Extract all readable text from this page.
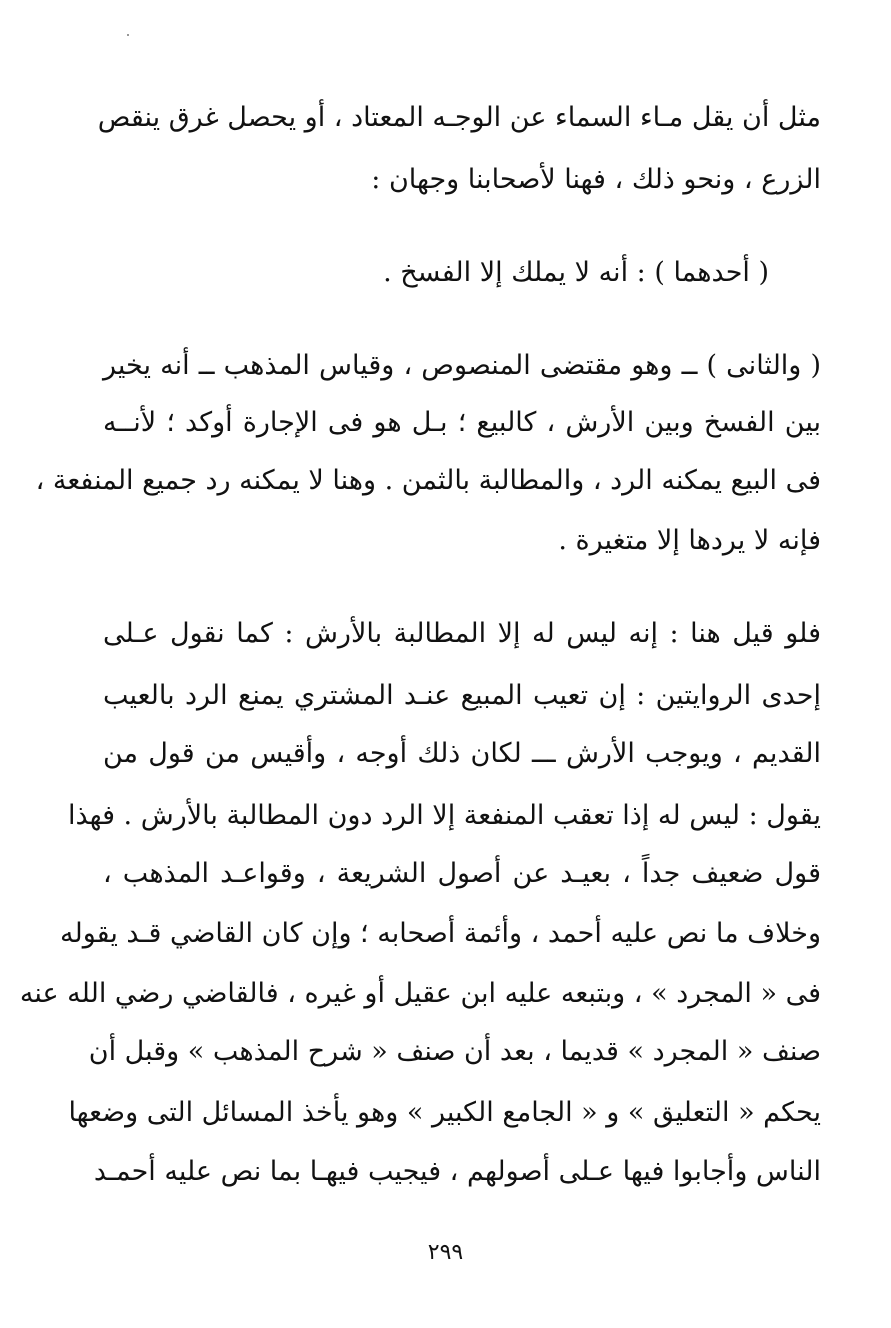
مثل أن يقل مـاء السماء عن الوجـه المعتاد ، أو يحصل غرق ينقص
الزرع ، ونحو ذلك ، فهنا لأصحابنا وجهان :
( أحدهما ) : أنه لا يملك إلا الفسخ .
( والثانى ) ــ وهو مقتضى المنصوص ، وقياس المذهب ــ أنه يخير
بين الفسخ وبين الأرش ، كالبيع ؛ بـل هو فى الإجارة أوكد ؛ لأنــه
فى البيع يمكنه الرد ، والمطالبة بالثمن . وهنا لا يمكنه رد جميع المنفعة ،
فإنه لا يردها إلا متغيرة .
فلو قيل هنا : إنه ليس له إلا المطالبة بالأرش : كما نقول عـلى
إحدى الروايتين : إن تعيب المبيع عنـد المشتري يمنع الرد بالعيب
القديم ، ويوجب الأرش ـــ لكان ذلك أوجه ، وأقيس من قول من
يقول : ليس له إذا تعقب المنفعة إلا الرد دون المطالبة بالأرش . فهذا
قول ضعيف جداً ، بعيـد عن أصول الشريعة ، وقواعـد المذهب ،
وخلاف ما نص عليه أحمد ، وأئمة أصحابه ؛ وإن كان القاضي قـد يقوله
فى « المجرد » ، وبتبعه عليه ابن عقيل أو غيره ، فالقاضي رضي الله عنه
صنف « المجرد » قديما ، بعد أن صنف « شرح المذهب » وقبل أن
يحكم « التعليق » و « الجامع الكبير » وهو يأخذ المسائل التى وضعها
الناس وأجابوا فيها عـلى أصولهم ، فيجيب فيهـا بما نص عليه أحمـد
٢٩٩
